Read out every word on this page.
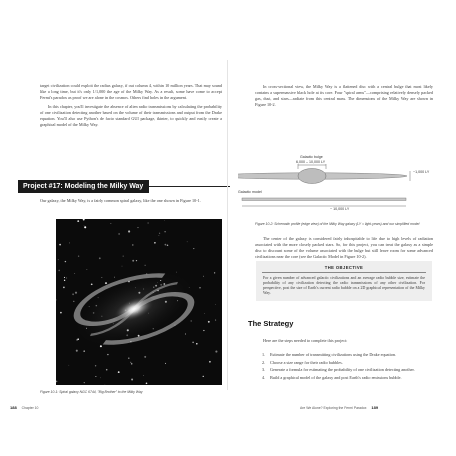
target civilization could exploit the radius galaxy, if out column 4, within 10 million years. That may sound like a long time, but it's only 1/1,000 the age of the Milky Way. As a result, some have come to accept Fermi's paradox as proof we are alone in the cosmos. Others find holes in the argument.

In this chapter, you'll investigate the absence of alien radio transmissions by calculating the probability of one civilization detecting another based on the volume of their transmissions and output from the Drake equation. You'll also use Python's de facto standard GUI package, tkinter, to quickly and easily create a graphical model of the Milky Way.

Project #17: Modeling the Milky Way

Our galaxy, the Milky Way, is a fairly common spiral galaxy, like the one shown in Figure 10-1.

Figure 10-1: Spiral galaxy NGC 6744, "Big Brother" to the Milky Way
188 Chapter 10

In cross-sectional view, the Milky Way is a flattened disc with a central bulge that most likely contains a supermassive black hole at its core. Four "spiral arms"—comprising relatively densely packed gas, dust, and stars—radiate from this central mass. The dimensions of the Milky Way are shown in Figure 10-2.

Galactic bulge
6,000 – 10,000 LY
~1,000 LY
Galactic model
~ 10,000 LY
Figure 10-2: Schematic profile (edge view) of the Milky Way galaxy (LY = light-years) and our simplified model

The center of the galaxy is considered fairly inhospitable to life due to high levels of radiation associated with the more closely packed stars. So, for this project, you can treat the galaxy as a simple disc to discount some of the volume associated with the bulge but still leave room for some advanced civilizations near the core (see the Galactic Model in Figure 10-2).

THE OBJECTIVE
For a given number of advanced galactic civilizations and an average radio bubble size, estimate the probability of any civilization detecting the radio transmissions of any other civilization. For perspective, post the size of Earth's current radio bubble on a 2D graphical representation of the Milky Way.
The Strategy

Here are the steps needed to complete this project:

1.	Estimate the number of transmitting civilizations using the Drake equation.
2.	Choose a size range for their radio bubbles.
3.	Generate a formula for estimating the probability of one civilization detecting another.
4.	Build a graphical model of the galaxy and post Earth's radio emissions bubble.
Are We Alone? Exploring the Fermi Paradox 189
